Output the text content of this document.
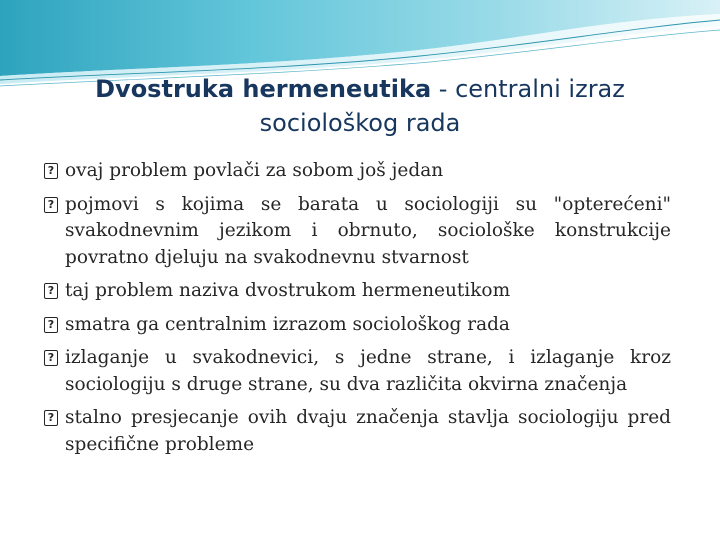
Dvostruka hermeneutika - centralni izraz sociološkog rada
? ovaj problem povlači za sobom još jedan
? pojmovi s kojima se barata u sociologiji su "opterećeni" svakodnevnim jezikom i obrnuto, sociološke konstrukcije povratno djeluju na svakodnevnu stvarnost
? taj problem naziva dvostrukom hermeneutikom
? smatra ga centralnim izrazom sociološkog rada
? izlaganje u svakodnevici, s jedne strane, i izlaganje kroz sociologiju s druge strane, su dva različita okvirna značenja
? stalno presjecanje ovih dvaju značenja stavlja sociologiju pred specifične probleme
